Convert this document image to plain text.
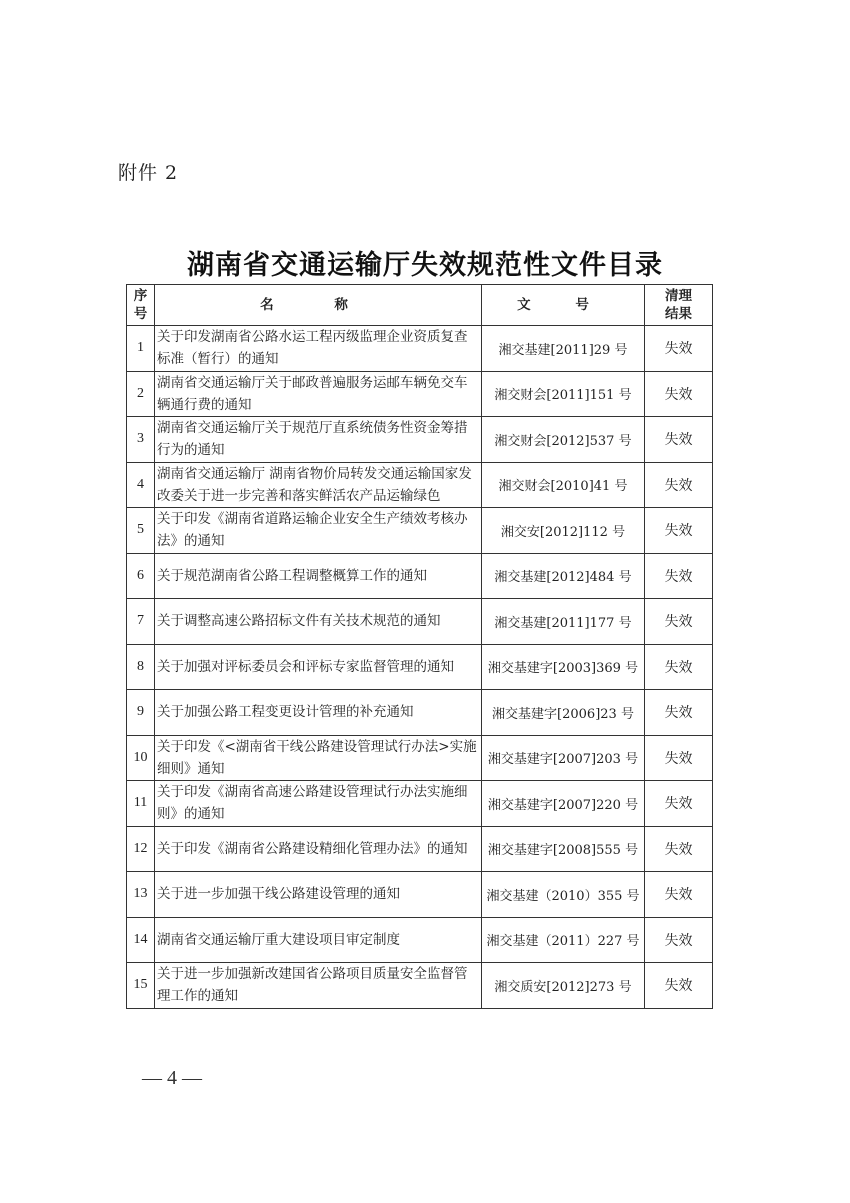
附件 2
湖南省交通运输厅失效规范性文件目录
序号	名 称	文 号	清理结果
1	关于印发湖南省公路水运工程丙级监理企业资质复查标准（暂行）的通知	湘交基建[2011]29 号	失效
2	湖南省交通运输厅关于邮政普遍服务运邮车辆免交车辆通行费的通知	湘交财会[2011]151 号	失效
3	湖南省交通运输厅关于规范厅直系统债务性资金筹措行为的通知	湘交财会[2012]537 号	失效
4	湖南省交通运输厅 湖南省物价局转发交通运输国家发改委关于进一步完善和落实鲜活农产品运输绿色	湘交财会[2010]41 号	失效
5	关于印发《湖南省道路运输企业安全生产绩效考核办法》的通知	湘交安[2012]112 号	失效
6	关于规范湖南省公路工程调整概算工作的通知	湘交基建[2012]484 号	失效
7	关于调整高速公路招标文件有关技术规范的通知	湘交基建[2011]177 号	失效
8	关于加强对评标委员会和评标专家监督管理的通知	湘交基建字[2003]369 号	失效
9	关于加强公路工程变更设计管理的补充通知	湘交基建字[2006]23 号	失效
10	关于印发《<湖南省干线公路建设管理试行办法>实施细则》通知	湘交基建字[2007]203 号	失效
11	关于印发《湖南省高速公路建设管理试行办法实施细则》的通知	湘交基建字[2007]220 号	失效
12	关于印发《湖南省公路建设精细化管理办法》的通知	湘交基建字[2008]555 号	失效
13	关于进一步加强干线公路建设管理的通知	湘交基建（2010）355 号	失效
14	湖南省交通运输厅重大建设项目审定制度	湘交基建（2011）227 号	失效
15	关于进一步加强新改建国省公路项目质量安全监督管理工作的通知	湘交质安[2012]273 号	失效
— 4 —
